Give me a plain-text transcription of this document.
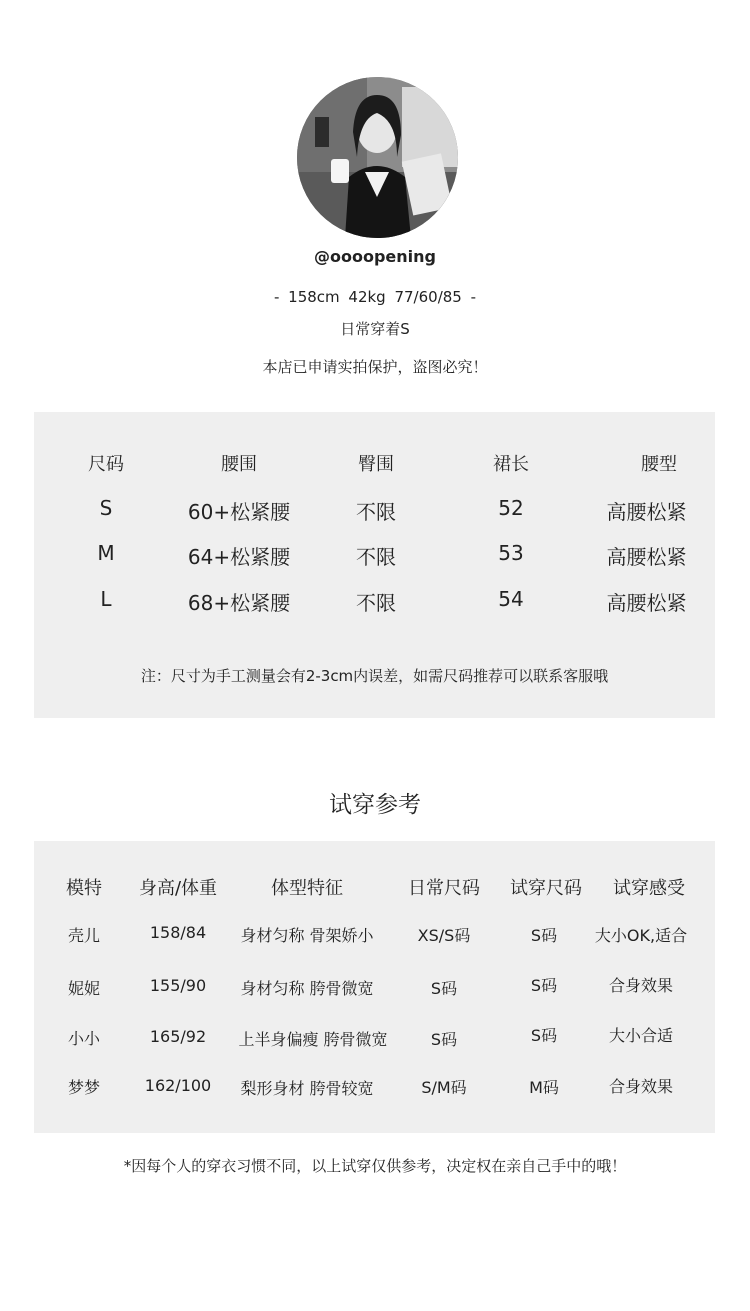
@oooopening
- 158cm 42kg 77/60/85 -
日常穿着S
本店已申请实拍保护，盗图必究！
尺码	腰围	臀围	裙长	腰型
S	60+松紧腰	不限	52	高腰松紧
M	64+松紧腰	不限	53	高腰松紧
L	68+松紧腰	不限	54	高腰松紧
注：尺寸为手工测量会有2-3cm内误差，如需尺码推荐可以联系客服哦
试穿参考
模特	身高/体重	体型特征	日常尺码	试穿尺码	试穿感受
壳儿	158/84	身材匀称 骨架娇小	XS/S码	S码	大小OK,适合
妮妮	155/90	身材匀称 胯骨微宽	S码	S码	合身效果
小小	165/92	上半身偏瘦 胯骨微宽	S码	S码	大小合适
梦梦	162/100	梨形身材 胯骨较宽	S/M码	M码	合身效果
*因每个人的穿衣习惯不同，以上试穿仅供参考，决定权在亲自己手中的哦！
